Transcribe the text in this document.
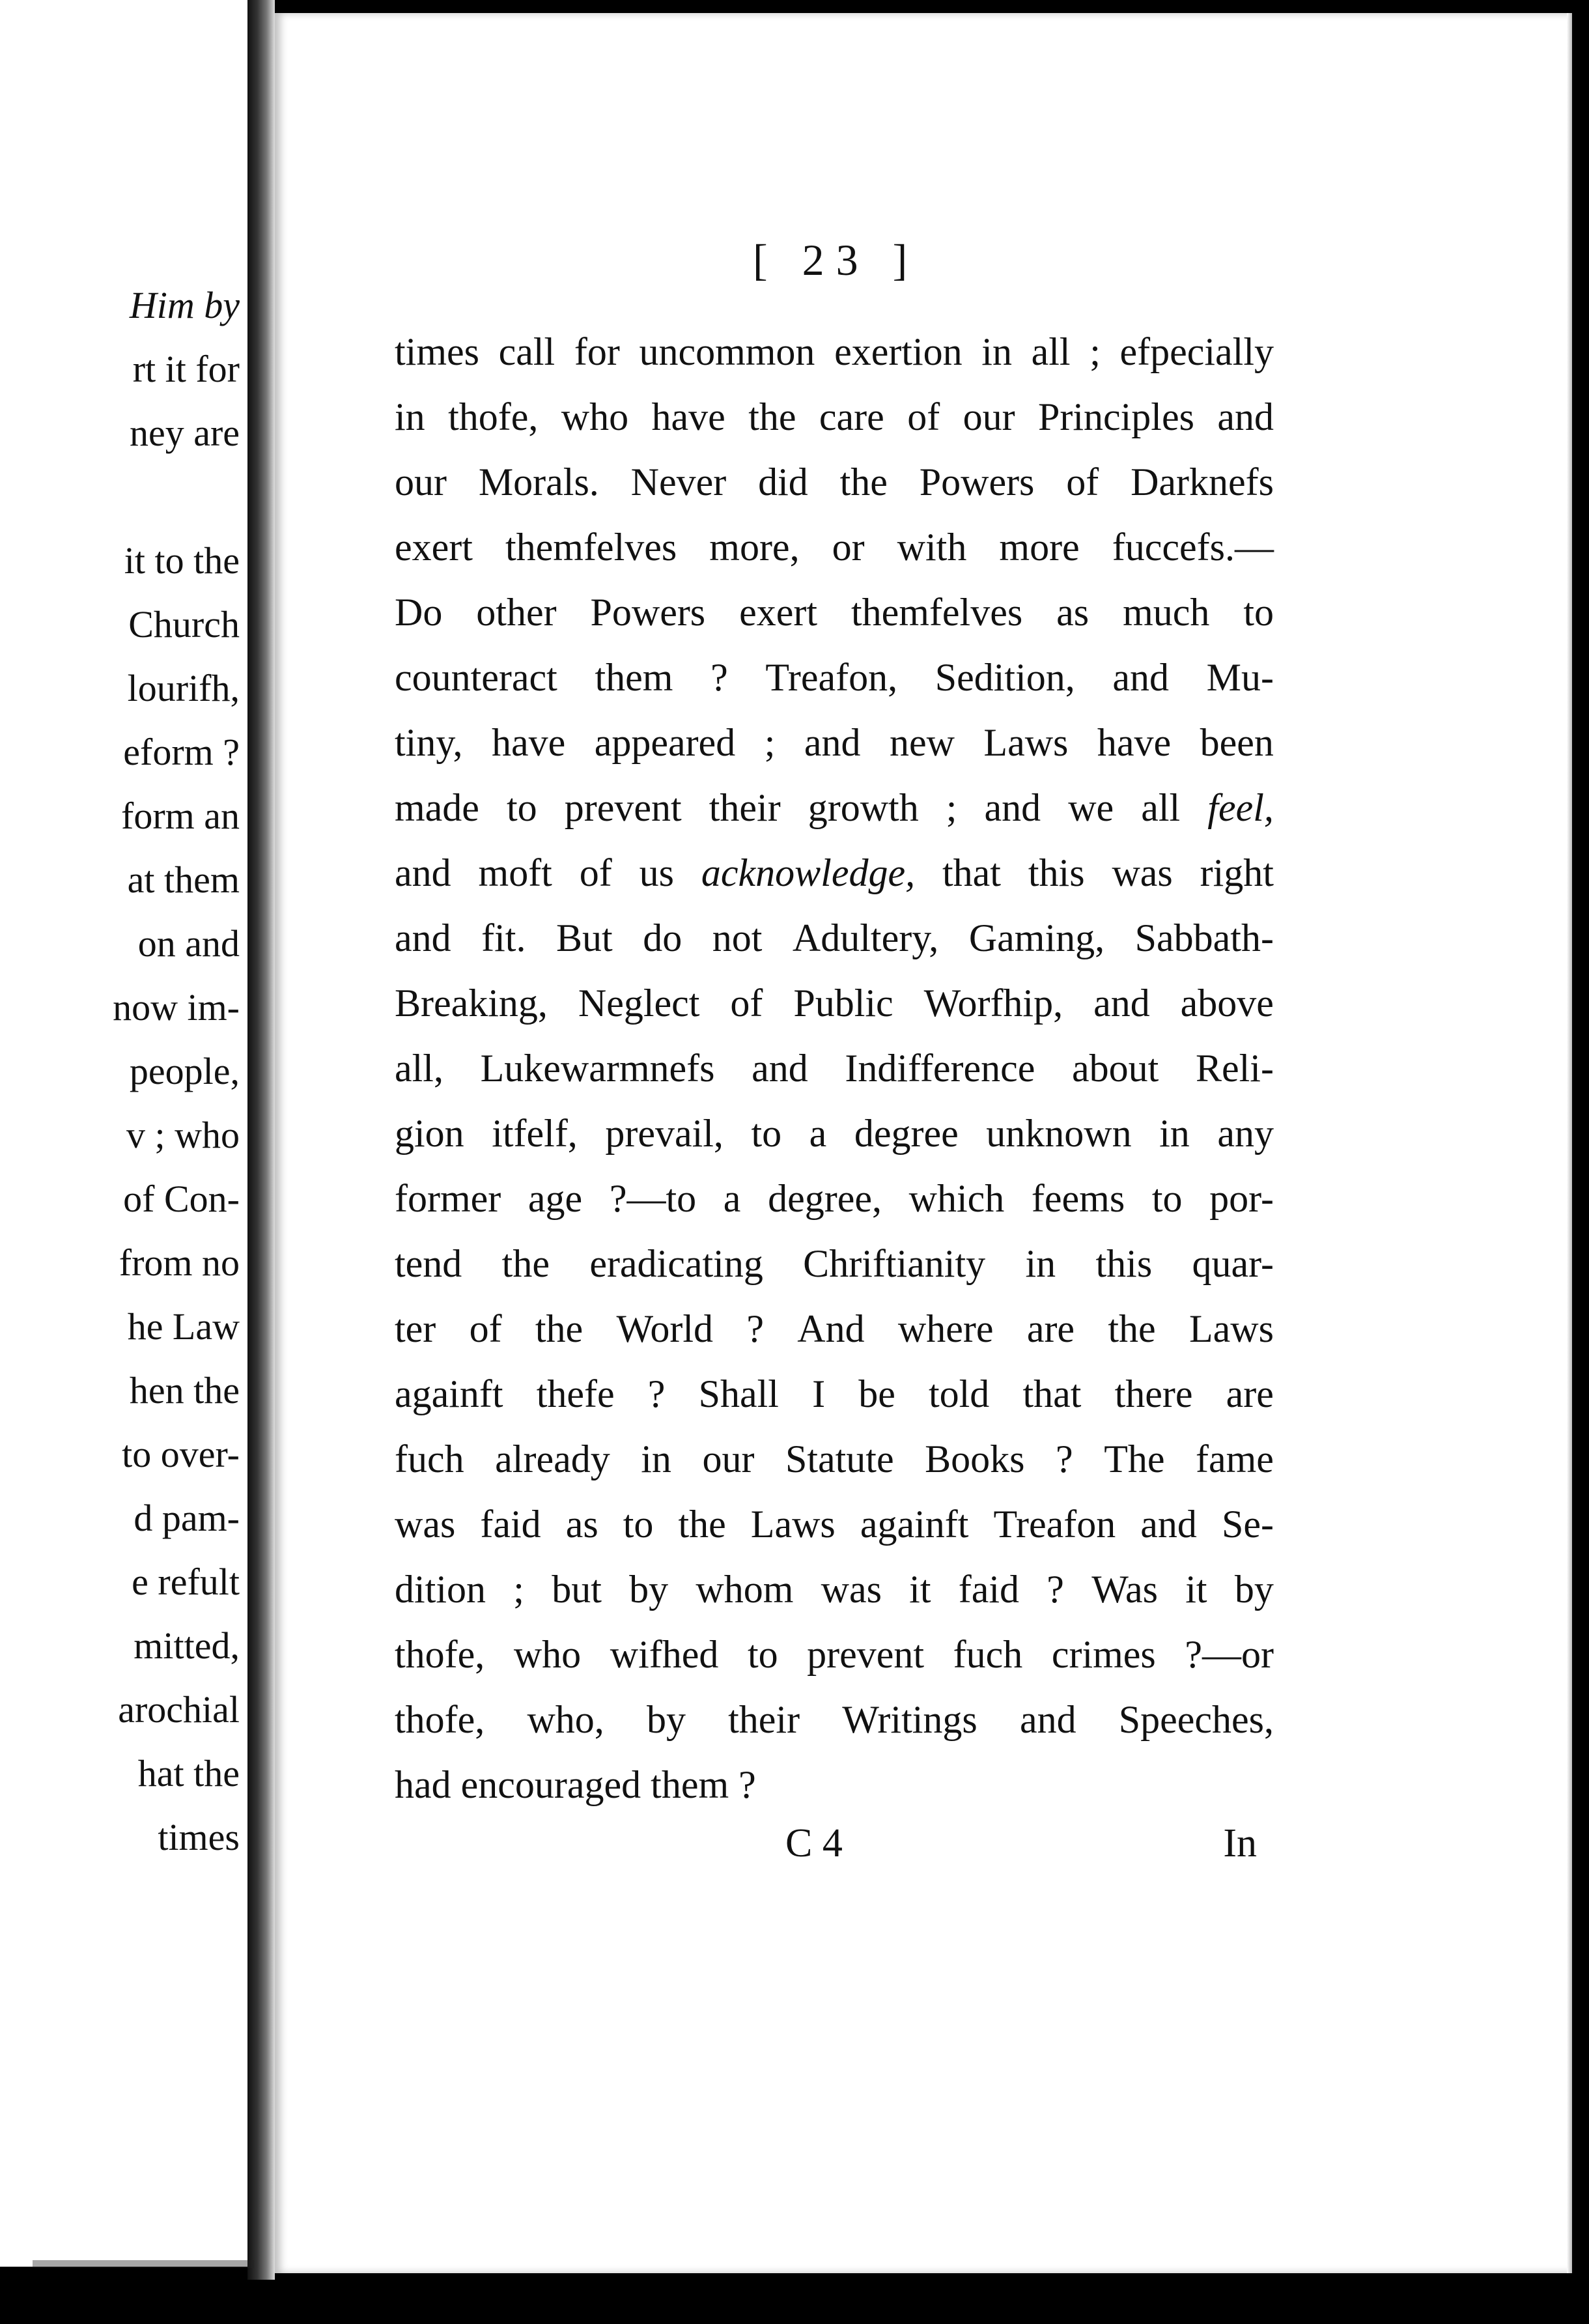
Him by
rt it for
ney are
it to the
Church
lourifh,
eform ?
form an
at them
on and
now im-
people,
v ; who
of Con-
from no
he Law
hen the
to over-
d pam-
e refult
mitted,
arochial
hat the
times
[ 23 ]
times call for uncommon exertion in all ; efpecially
in thofe, who have the care of our Principles and
our Morals. Never did the Powers of Darknefs
exert themfelves more, or with more fuccefs.—
Do other Powers exert themfelves as much to
counteract them ? Treafon, Sedition, and Mu-
tiny, have appeared ; and new Laws have been
made to prevent their growth ; and we all feel,
and moft of us acknowledge, that this was right
and fit. But do not Adultery, Gaming, Sabbath-
Breaking, Neglect of Public Worfhip, and above
all, Lukewarmnefs and Indifference about Reli-
gion itfelf, prevail, to a degree unknown in any
former age ?—to a degree, which feems to por-
tend the eradicating Chriftianity in this quar-
ter of the World ? And where are the Laws
againft thefe ? Shall I be told that there are
fuch already in our Statute Books ? The fame
was faid as to the Laws againft Treafon and Se-
dition ; but by whom was it faid ? Was it by
thofe, who wifhed to prevent fuch crimes ?—or
thofe, who, by their Writings and Speeches,
had encouraged them ?
C 4	In
